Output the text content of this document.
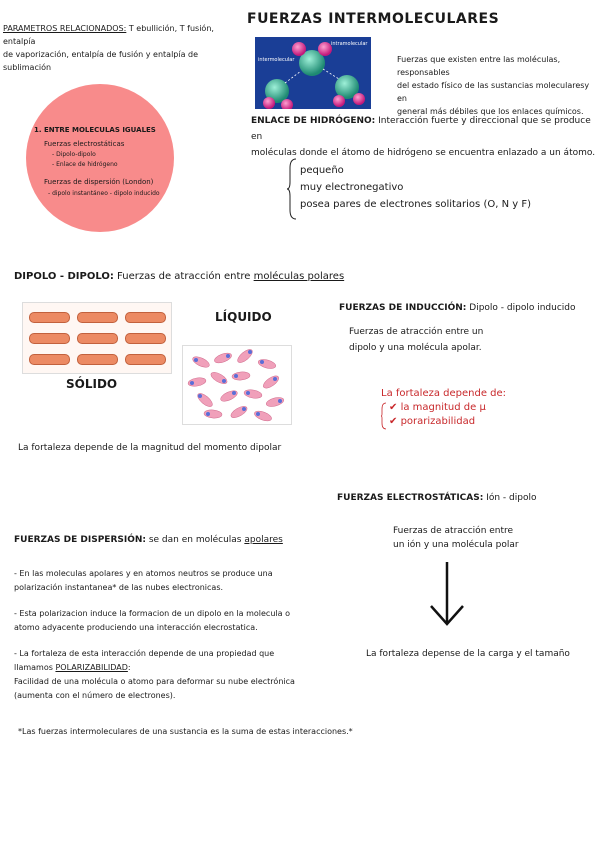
PARAMETROS RELACIONADOS: T ebullición, T fusión, entalpía
de vaporización, entalpía de fusión y entalpía de sublimación
FUERZAS INTERMOLECULARES
intermolecular
intramolecular
Fuerzas que existen entre las moléculas, responsables
del estado físico de las sustancias molecularesy en
general más débiles que los enlaces químicos.
1. ENTRE MOLECULAS IGUALES
Fuerzas electrostáticas
- Dipolo-dipolo
- Enlace de hidrógeno
Fuerzas de dispersión (London)
- dipolo instantáneo - dipolo inducido
ENLACE DE HIDRÓGENO: Interacción fuerte y direccional que se produce en
moléculas donde el átomo de hidrógeno se encuentra enlazado a un átomo.
pequeño
muy electronegativo
posea pares de electrones solitarios (O, N y F)
DIPOLO - DIPOLO: Fuerzas de atracción entre moléculas polares
SÓLIDO
LÍQUIDO
La fortaleza depende de la magnitud del momento dipolar
FUERZAS DE INDUCCIÓN: Dipolo - dipolo inducido
Fuerzas de atracción entre un
dipolo y una molécula apolar.
La fortaleza depende de:
✔ la magnitud de μ
✔ porarizabilidad
FUERZAS ELECTROSTÁTICAS: Ión - dipolo
Fuerzas de atracción entre
un ión y una molécula polar
La fortaleza depense de la carga y el tamaño
FUERZAS DE DISPERSIÓN: se dan en moléculas apolares
- En las moleculas apolares y en atomos neutros se produce una
polarización instantanea* de las nubes electronicas.
- Esta polarizacion induce la formacion de un dipolo en la molecula o
atomo adyacente produciendo una interacción elecrostatica.
- La fortaleza de esta interacción depende de una propiedad que
llamamos POLARIZABILIDAD:
Facilidad de una molécula o atomo para deformar su nube electrónica
(aumenta con el número de electrones).
*Las fuerzas intermoleculares de una sustancia es la suma de estas interacciones.*
